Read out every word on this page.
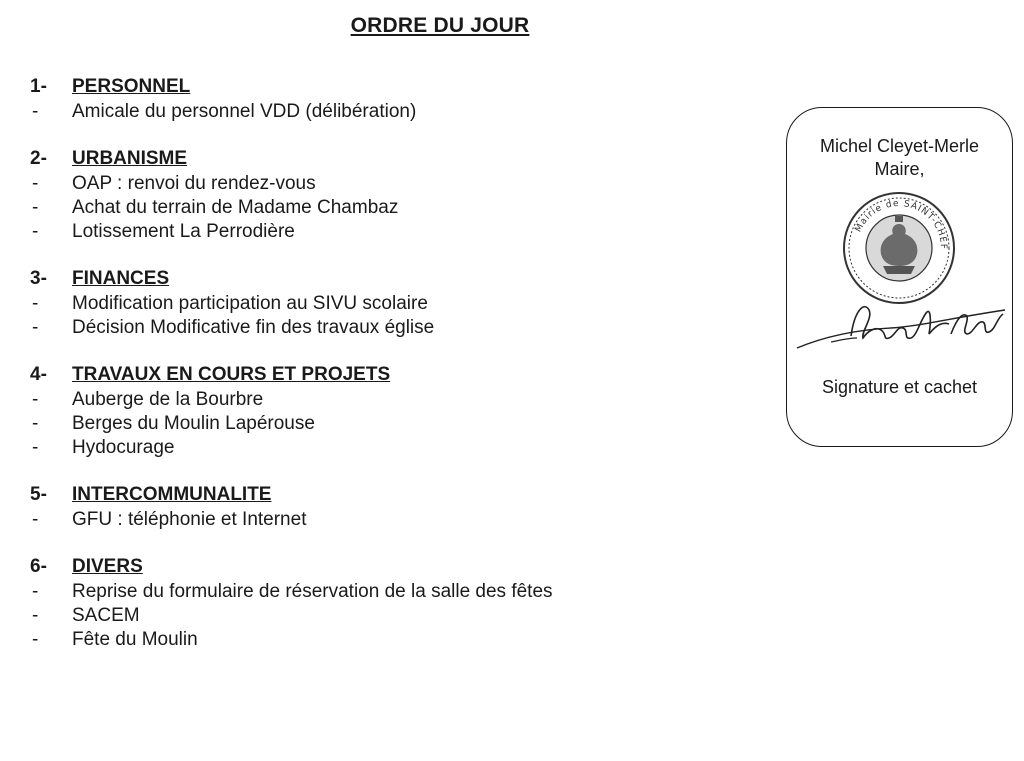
ORDRE DU JOUR
1-	PERSONNEL
-	Amicale du personnel VDD (délibération)
2-	URBANISME
-	OAP : renvoi du rendez-vous
-	Achat du terrain de Madame Chambaz
-	Lotissement La Perrodière
3-	FINANCES
-	Modification participation au SIVU scolaire
-	Décision Modificative fin des travaux église
4-	TRAVAUX EN COURS ET PROJETS
-	Auberge de la Bourbre
-	Berges du Moulin Lapérouse
-	Hydocurage
5-	INTERCOMMUNALITE
-	GFU : téléphonie et Internet
6-	DIVERS
-	Reprise du formulaire de réservation de la salle des fêtes
-	SACEM
-	Fête du Moulin
Michel Cleyet-Merle
Maire,
Mairie de SAINT-CHEF
Signature et cachet
